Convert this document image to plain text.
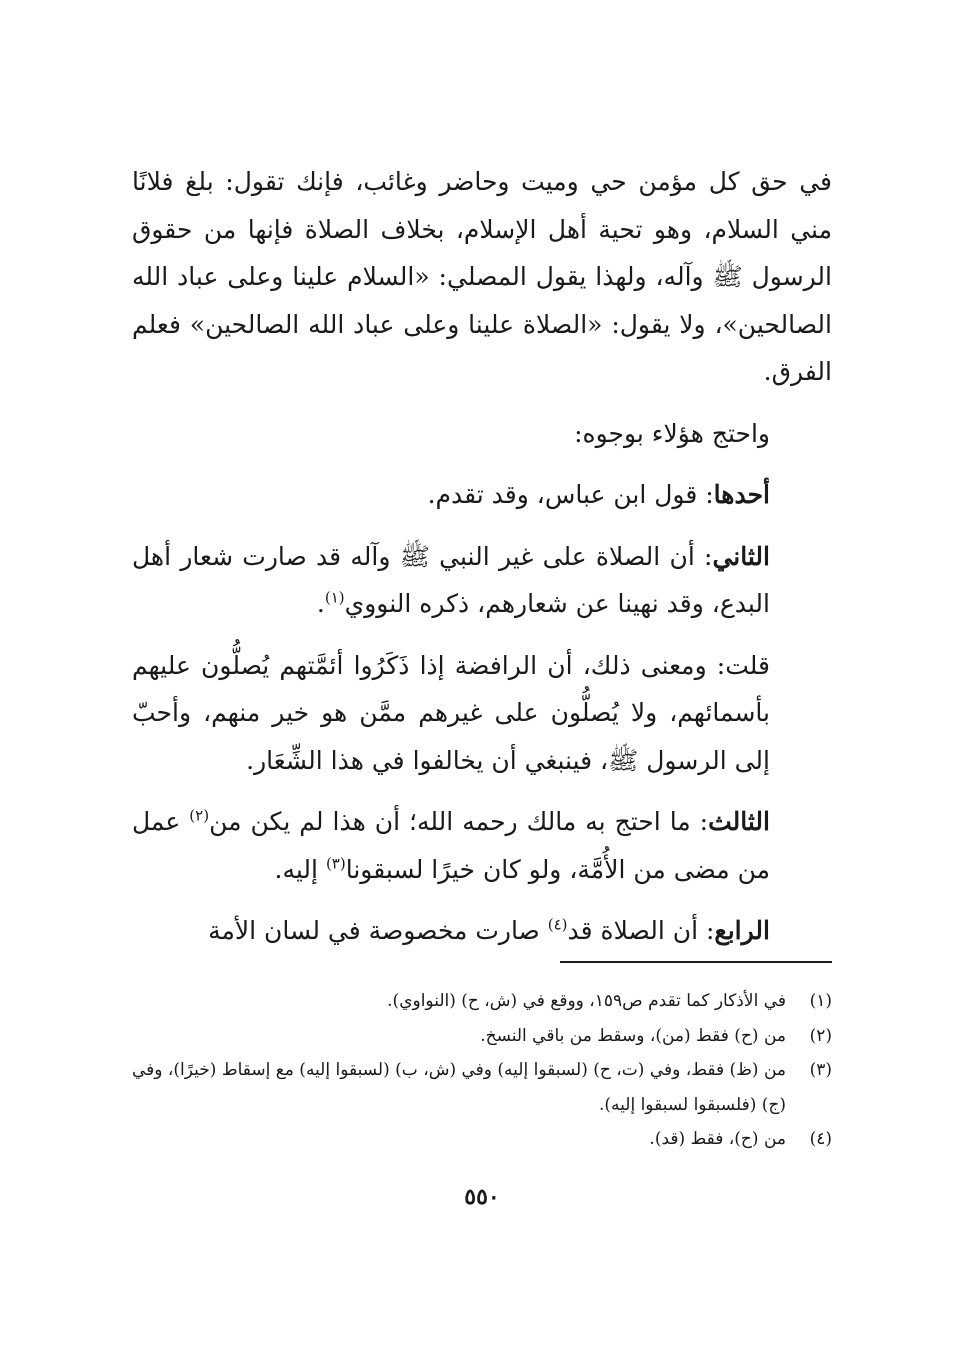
في حق كل مؤمن حي وميت وحاضر وغائب، فإنك تقول: بلغ فلانًا مني السلام، وهو تحية أهل الإسلام، بخلاف الصلاة فإنها من حقوق الرسول ﷺ وآله، ولهذا يقول المصلي: «السلام علينا وعلى عباد الله الصالحين»، ولا يقول: «الصلاة علينا وعلى عباد الله الصالحين» فعلم الفرق.

واحتج هؤلاء بوجوه:

أحدها: قول ابن عباس، وقد تقدم.

الثاني: أن الصلاة على غير النبي ﷺ وآله قد صارت شعار أهل البدع، وقد نهينا عن شعارهم، ذكره النووي$^{(١)}$.

قلت: ومعنى ذلك، أن الرافضة إذا ذَكَرُوا أئمَّتهم يُصلُّون عليهم بأسمائهم، ولا يُصلُّون على غيرهم ممَّن هو خير منهم، وأحبّ إلى الرسول ﷺ، فينبغي أن يخالفوا في هذا الشِّعَار.

الثالث: ما احتج به مالك رحمه الله؛ أن هذا لم يكن من$^{(٢)}$ عمل من مضى من الأُمَّة، ولو كان خيرًا لسبقونا$^{(٣)}$ إليه.

الرابع: أن الصلاة قد$^{(٤)}$ صارت مخصوصة في لسان الأمة

(١)
في الأذكار كما تقدم ص١٥٩، ووقع في (ش، ح) (النواوي).
(٢)
من (ح) فقط (من)، وسقط من باقي النسخ.
(٣)
من (ظ) فقط، وفي (ت، ح) (لسبقوا إليه) وفي (ش، ب) (لسبقوا إليه) مع إسقاط (خيرًا)، وفي (ج) (فلسبقوا لسبقوا إليه).
(٤)
من (ح)، فقط (قد).
٥٥٠
